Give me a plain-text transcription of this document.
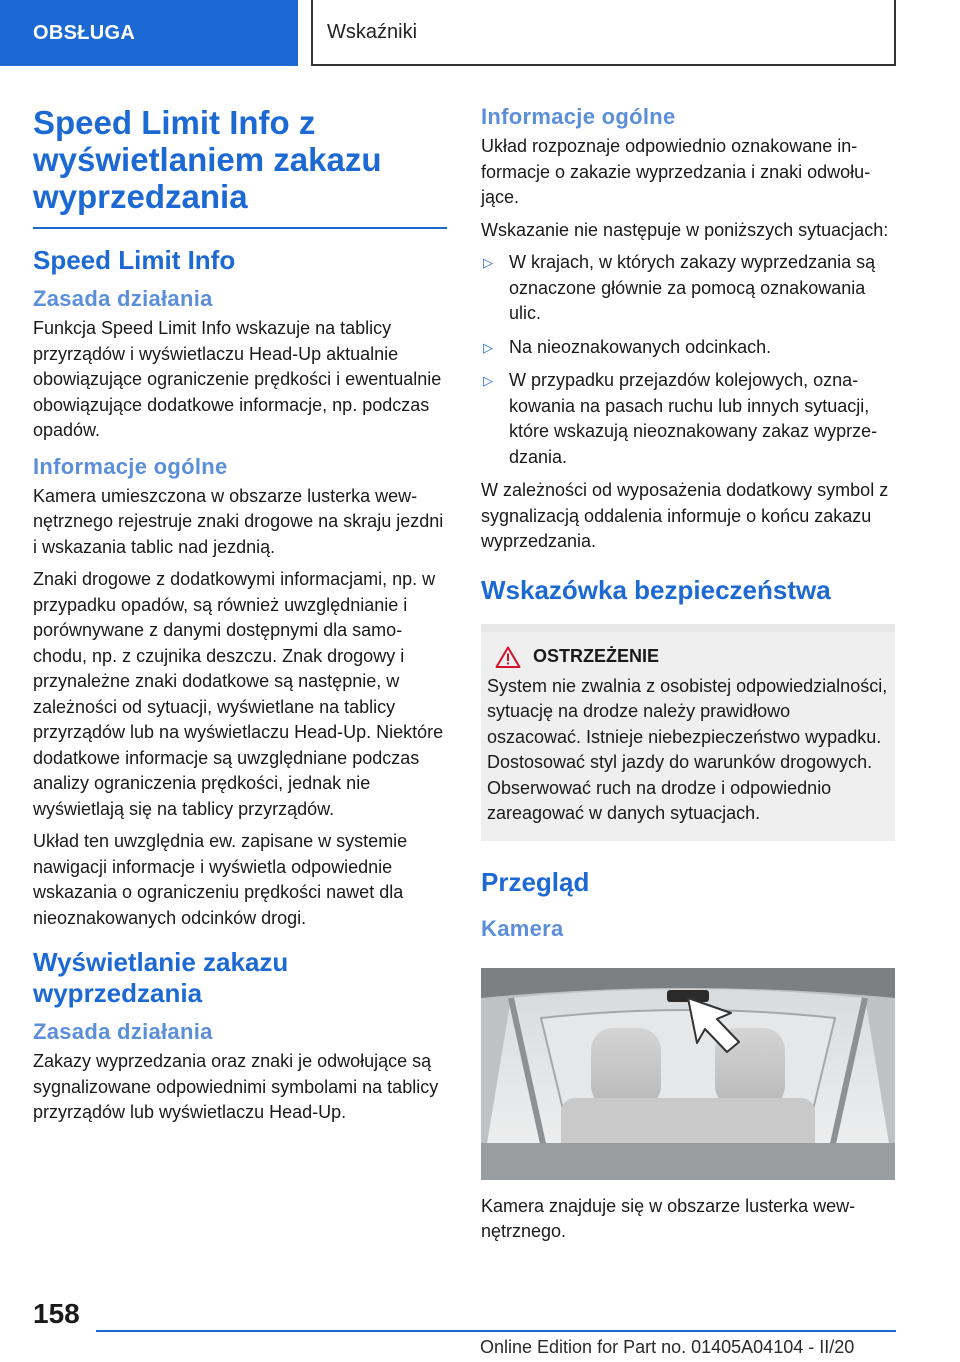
OBSŁUGA	Wskaźniki
Speed Limit Info z wyświetlaniem zakazu wyprzedzania
Speed Limit Info
Zasada działania

Funkcja Speed Limit Info wskazuje na tablicy przyrządów i wyświetlaczu Head-Up aktualnie obowiązujące ograniczenie prędkości i ewentualnie obowiązujące dodatkowe informacje, np. podczas opadów.

Informacje ogólne

Kamera umieszczona w obszarze lusterka wewnętrznego rejestruje znaki drogowe na skraju jezdni i wskazania tablic nad jezdnią.

Znaki drogowe z dodatkowymi informacjami, np. w przypadku opadów, są również uwzględnianie i porównywane z danymi dostępnymi dla samochodu, np. z czujnika deszczu. Znak drogowy i przynależne znaki dodatkowe są następnie, w zależności od sytuacji, wyświetlane na tablicy przyrządów lub na wyświetlaczu Head-Up. Niektóre dodatkowe informacje są uwzględniane podczas analizy ograniczenia prędkości, jednak nie wyświetlają się na tablicy przyrządów.

Układ ten uwzględnia ew. zapisane w systemie nawigacji informacje i wyświetla odpowiednie wskazania o ograniczeniu prędkości nawet dla nieoznakowanych odcinków drogi.

Wyświetlanie zakazu wyprzedzania
Zasada działania

Zakazy wyprzedzania oraz znaki je odwołujące są sygnalizowane odpowiednimi symbolami na tablicy przyrządów lub wyświetlaczu Head-Up.

Informacje ogólne

Układ rozpoznaje odpowiednio oznakowane informacje o zakazie wyprzedzania i znaki odwołujące.

Wskazanie nie następuje w poniższych sytuacjach:

▷ W krajach, w których zakazy wyprzedzania są oznaczone głównie za pomocą oznakowania ulic.
▷ Na nieoznakowanych odcinkach.
▷ W przypadku przejazdów kolejowych, oznakowania na pasach ruchu lub innych sytuacji, które wskazują nieoznakowany zakaz wyprzedzania.

W zależności od wyposażenia dodatkowy symbol z sygnalizacją oddalenia informuje o końcu zakazu wyprzedzania.

Wskazówka bezpieczeństwa
OSTRZEŻENIE

System nie zwalnia z osobistej odpowiedzialności, sytuację na drodze należy prawidłowo oszacować. Istnieje niebezpieczeństwo wypadku. Dostosować styl jazdy do warunków drogowych. Obserwować ruch na drodze i odpowiednio zareagować w danych sytuacjach.

Przegląd
Kamera

Kamera znajduje się w obszarze lusterka wewnętrznego.

158
Online Edition for Part no. 01405A04104 - II/20
